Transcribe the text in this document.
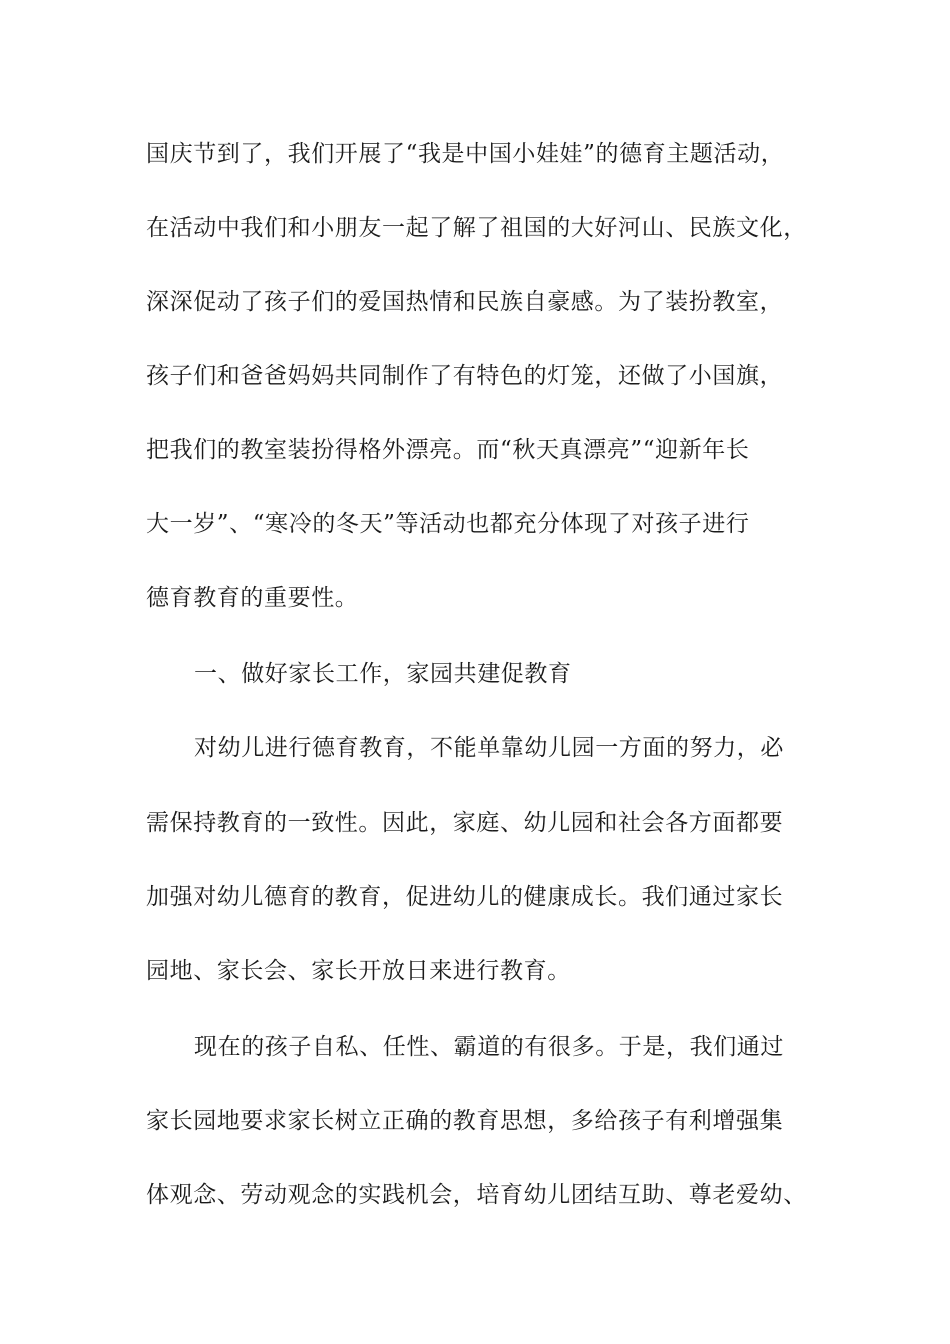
国庆节到了，我们开展了“我是中国小娃娃”的德育主题活动，
在活动中我们和小朋友一起了解了祖国的大好河山、民族文化，
深深促动了孩子们的爱国热情和民族自豪感。为了装扮教室，
孩子们和爸爸妈妈共同制作了有特色的灯笼，还做了小国旗，
把我们的教室装扮得格外漂亮。而“秋天真漂亮”“迎新年长
大一岁”、“寒冷的冬天”等活动也都充分体现了对孩子进行
德育教育的重要性。
一、做好家长工作，家园共建促教育
对幼儿进行德育教育，不能单靠幼儿园一方面的努力，必
需保持教育的一致性。因此，家庭、幼儿园和社会各方面都要
加强对幼儿德育的教育，促进幼儿的健康成长。我们通过家长
园地、家长会、家长开放日来进行教育。
现在的孩子自私、任性、霸道的有很多。于是，我们通过
家长园地要求家长树立正确的教育思想，多给孩子有利增强集
体观念、劳动观念的实践机会，培育幼儿团结互助、尊老爱幼、
